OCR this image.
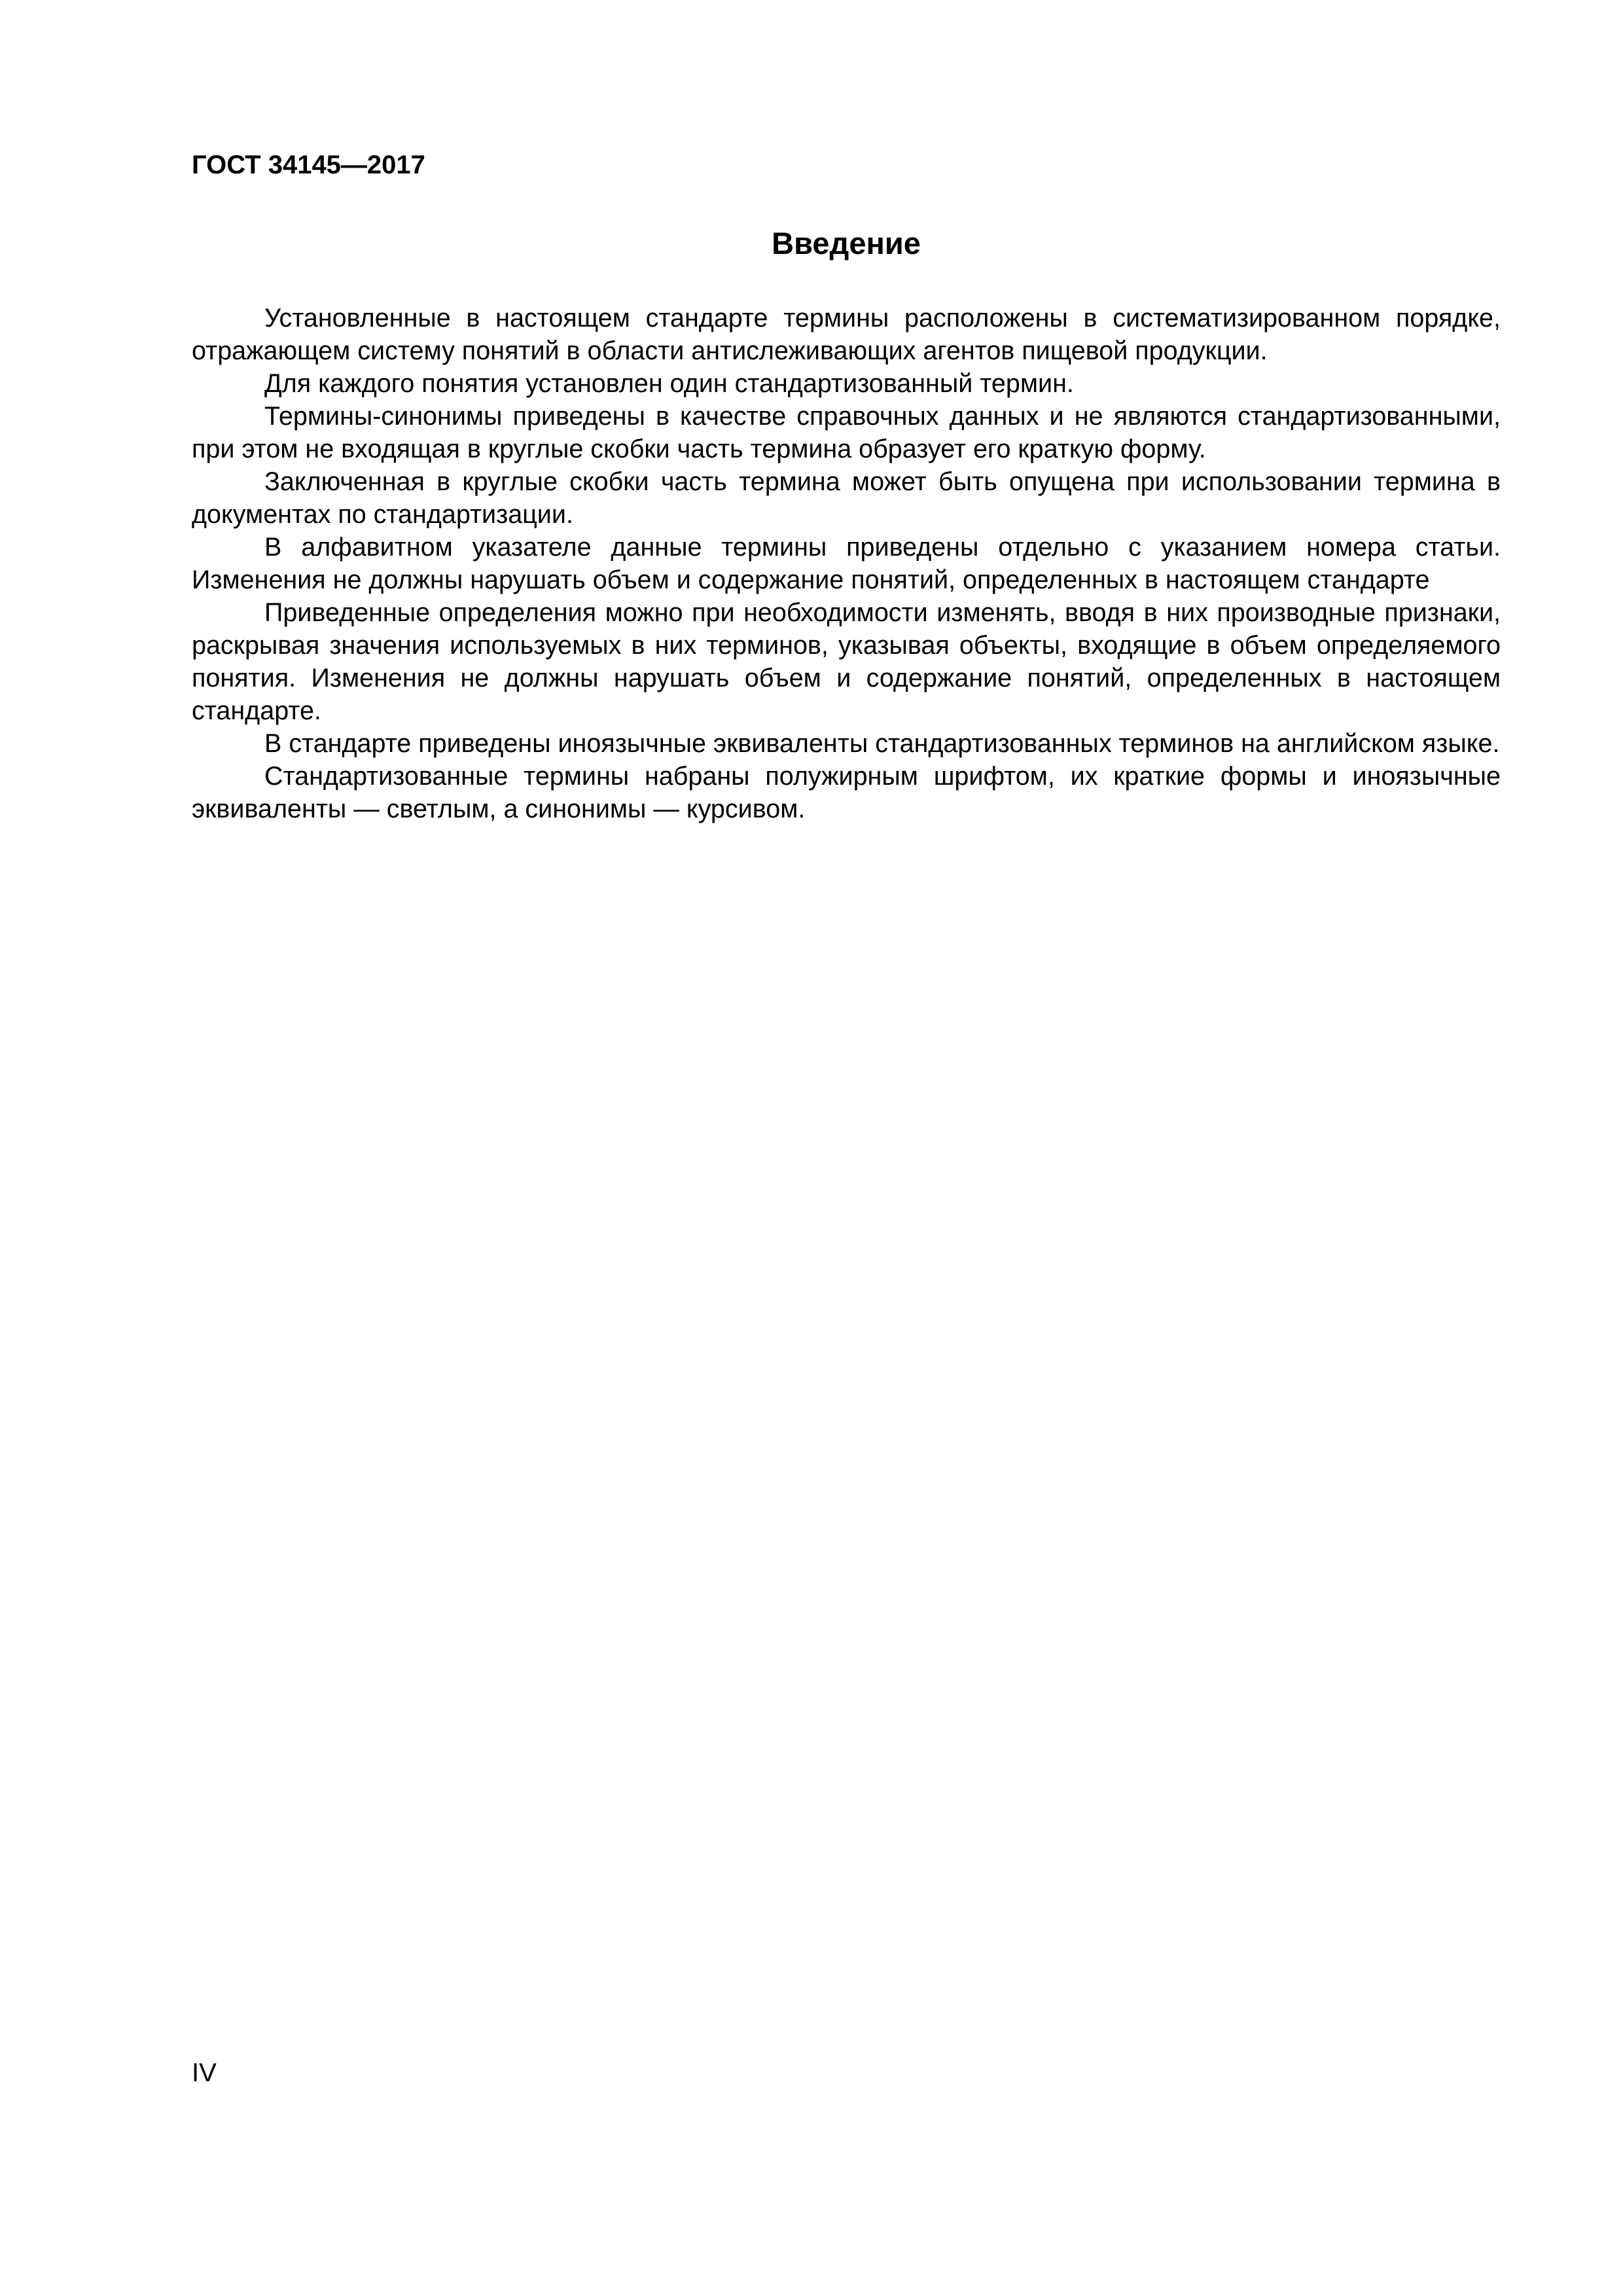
ГОСТ 34145—2017
Введение

Установленные в настоящем стандарте термины расположены в систематизированном порядке, отражающем систему понятий в области антислеживающих агентов пищевой продукции.

Для каждого понятия установлен один стандартизованный термин.

Термины-синонимы приведены в качестве справочных данных и не являются стандартизованными, при этом не входящая в круглые скобки часть термина образует его краткую форму.

Заключенная в круглые скобки часть термина может быть опущена при использовании термина в документах по стандартизации.

В алфавитном указателе данные термины приведены отдельно с указанием номера статьи. Изменения не должны нарушать объем и содержание понятий, определенных в настоящем стандарте

Приведенные определения можно при необходимости изменять, вводя в них производные признаки, раскрывая значения используемых в них терминов, указывая объекты, входящие в объем определяемого понятия. Изменения не должны нарушать объем и содержание понятий, определенных в настоящем стандарте.

В стандарте приведены иноязычные эквиваленты стандартизованных терминов на английском языке.

Стандартизованные термины набраны полужирным шрифтом, их краткие формы и иноязычные эквиваленты — светлым, а синонимы — курсивом.

IV
